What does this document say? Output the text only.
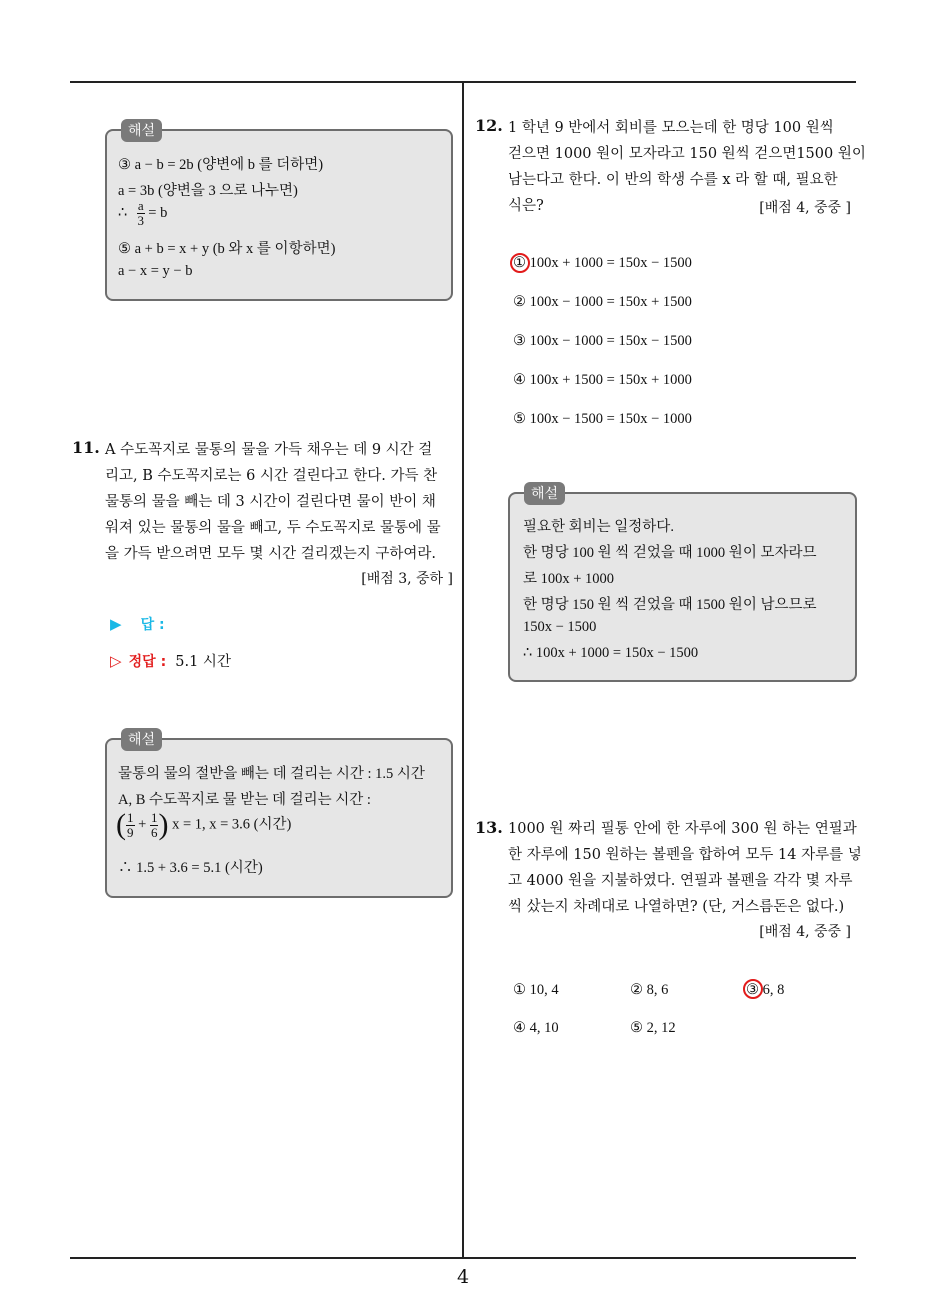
4
해설
③ a − b = 2b (양변에 b 를 더하면)
a = 3b (양변을 3 으로 나누면)
∴ $\frac{a}{3} = b$
⑤ a + b = x + y (b 와 x 를 이항하면)
a − x = y − b
11. A 수도꼭지로 물통의 물을 가득 채우는 데 9 시간 걸

리고, B 수도꼭지로는 6 시간 걸린다고 한다. 가득 찬

물통의 물을 빼는 데 3 시간이 걸린다면 물이 반이 채

워져 있는 물통의 물을 빼고, 두 수도꼭지로 물통에 물

을 가득 받으려면 모두 몇 시간 걸리겠는지 구하여라.

[배점 3, 중하 ]
▶ 답 :
▷ 정답 : 5.1 시간
해설
물통의 물의 절반을 빼는 데 걸리는 시간 : 1.5 시간
A, B 수도꼭지로 물 받는 데 걸리는 시간 :
( $\frac{1}{9} + \frac{1}{6}$ ) x = 1, x = 3.6 (시간)
∴ 1.5 + 3.6 = 5.1 (시간)
12. 1 학년 9 반에서 회비를 모으는데 한 명당 100 원씩

걷으면 1000 원이 모자라고 150 원씩 걷으면1500 원이

남는다고 한다. 이 반의 학생 수를 x 라 할 때, 필요한

식은?	[배점 4, 중중 ]
① 100x + 1000 = 150x − 1500
② 100x − 1000 = 150x + 1500
③ 100x − 1000 = 150x − 1500
④ 100x + 1500 = 150x + 1000
⑤ 100x − 1500 = 150x − 1000
해설
필요한 회비는 일정하다.
한 명당 100 원 씩 걷었을 때 1000 원이 모자라므
로 100x + 1000
한 명당 150 원 씩 걷었을 때 1500 원이 남으므로
150x − 1500
∴ 100x + 1000 = 150x − 1500
13. 1000 원 짜리 필통 안에 한 자루에 300 원 하는 연필과

한 자루에 150 원하는 볼펜을 합하여 모두 14 자루를 넣

고 4000 원을 지불하였다. 연필과 볼펜을 각각 몇 자루

씩 샀는지 차례대로 나열하면? (단, 거스름돈은 없다.)

[배점 4, 중중 ]
① 10, 4	② 8, 6	③ 6, 8
④ 4, 10	⑤ 2, 12
